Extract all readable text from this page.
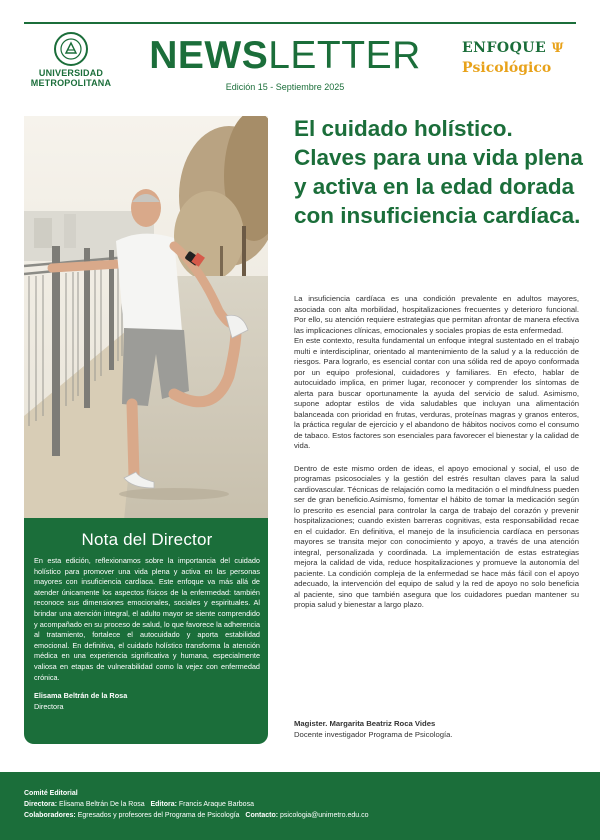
UNIVERSIDAD
METROPOLITANA
NEWSLETTER
Edición 15 - Septiembre 2025
ENFOQUE Ψ
Psicológico
Nota del Director
En esta edición, reflexionamos sobre la importancia del cuidado holístico para promover una vida plena y activa en las personas mayores con insuficiencia cardíaca. Este enfoque va más allá de atender únicamente los aspectos físicos de la enfermedad: también reconoce sus dimensiones emocionales, sociales y espirituales. Al brindar una atención integral, el adulto mayor se siente comprendido y acompañado en su proceso de salud, lo que favorece la adherencia al tratamiento, fortalece el autocuidado y aporta estabilidad emocional. En definitiva, el cuidado holístico transforma la atención médica en una experiencia significativa y humana, especialmente valiosa en etapas de vulnerabilidad como la vejez con enfermedad crónica.
Elisama Beltrán de la Rosa
Directora
El cuidado holístico. Claves para una vida plena y activa en la edad dorada con insuficiencia cardíaca.

La insuficiencia cardíaca es una condición prevalente en adultos mayores, asociada con alta morbilidad, hospitalizaciones frecuentes y deterioro funcional. Por ello, su atención requiere estrategias que permitan afrontar de manera efectiva las implicaciones clínicas, emocionales y sociales propias de esta enfermedad.

En este contexto, resulta fundamental un enfoque integral sustentado en el trabajo multi e interdisciplinar, orientado al mantenimiento de la salud y a la reducción de riesgos. Para lograrlo, es esencial contar con una sólida red de apoyo conformada por un equipo profesional, cuidadores y familiares. En efecto, hablar de autocuidado implica, en primer lugar, reconocer y comprender los síntomas de alerta para buscar oportunamente la ayuda del servicio de salud. Asimismo, supone adoptar estilos de vida saludables que incluyan una alimentación balanceada con prioridad en frutas, verduras, proteínas magras y granos enteros, la práctica regular de ejercicio y el abandono de hábitos nocivos como el consumo de tabaco. Estos factores son esenciales para favorecer el bienestar y la calidad de vida.

Dentro de este mismo orden de ideas, el apoyo emocional y social, el uso de programas psicosociales y la gestión del estrés resultan claves para la salud cardiovascular. Técnicas de relajación como la meditación o el mindfulness pueden ser de gran beneficio.Asimismo, fomentar el hábito de tomar la medicación según lo prescrito es esencial para controlar la carga de trabajo del corazón y prevenir hospitalizaciones; cuando existen barreras cognitivas, esta responsabilidad recae en el cuidador. En definitiva, el manejo de la insuficiencia cardíaca en personas mayores se transita mejor con conocimiento y apoyo, a través de una atención integral, personalizada y coordinada. La implementación de estas estrategias mejora la calidad de vida, reduce hospitalizaciones y promueve la autonomía del paciente. La condición compleja de la enfermedad se hace más fácil con el apoyo adecuado, la intervención del equipo de salud y la red de apoyo no solo beneficia al paciente, sino que también asegura que los cuidadores puedan mantener su propia salud y bienestar a largo plazo.

Magister. Margarita Beatriz Roca Vides
Docente investigador Programa de Psicología.
Comité Editorial
Directora: Elisama Beltrán De la Rosa Editora: Francis Araque Barbosa
Colaboradores: Egresados y profesores del Programa de Psicología Contacto: psicologia@unimetro.edu.co
